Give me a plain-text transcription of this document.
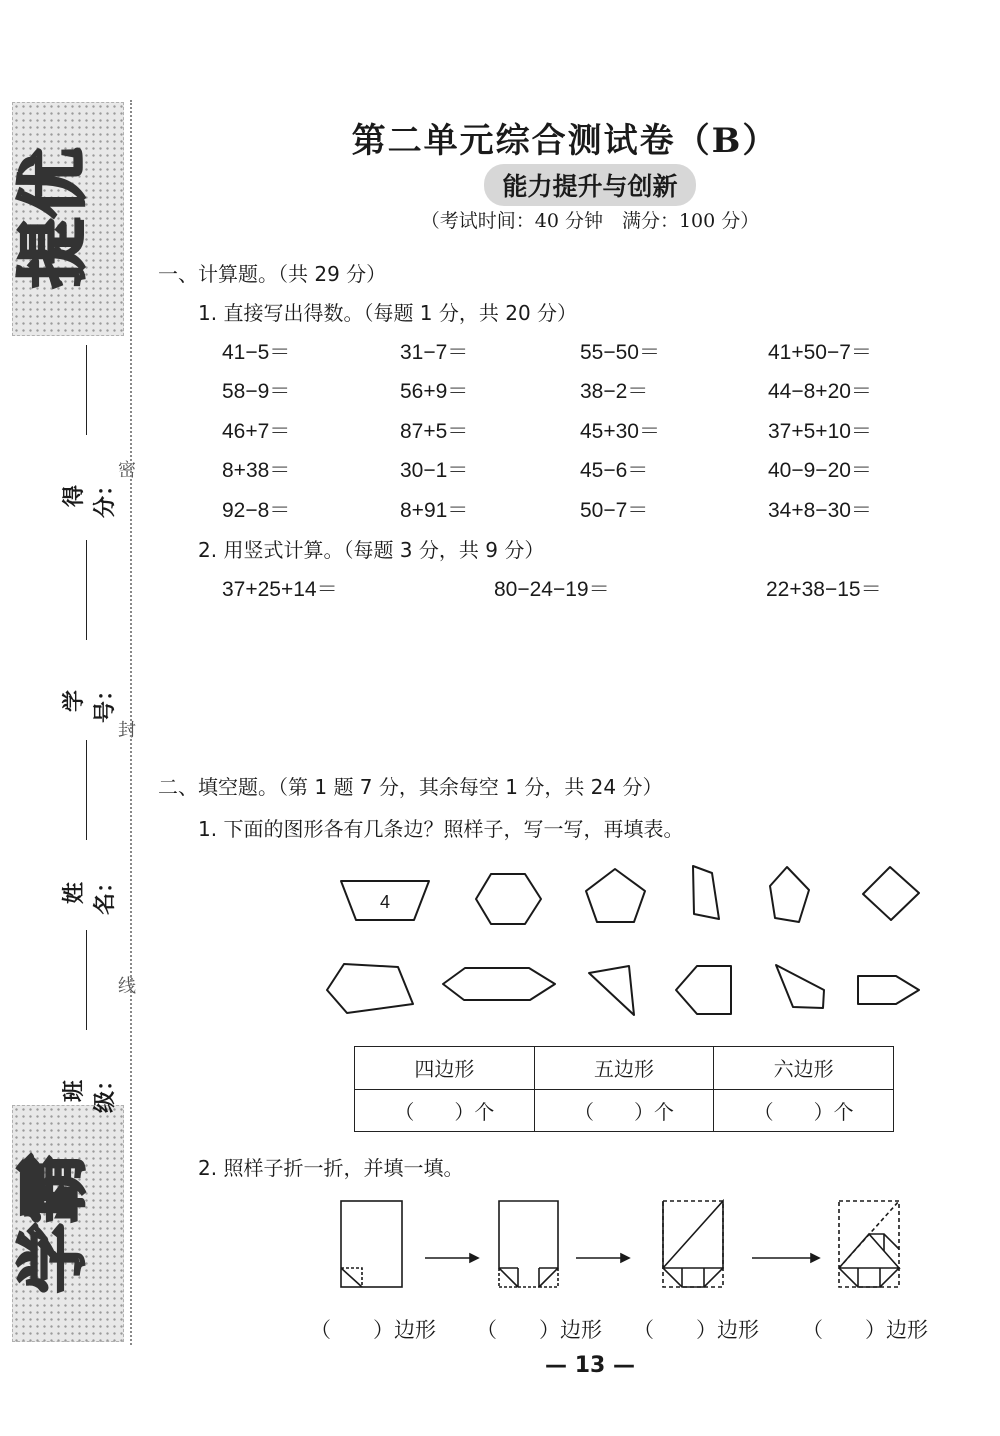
提优
学霸
得分：
学号：
姓名：
班级：
密
封
线
第二单元综合测试卷（B）
能力提升与创新
（考试时间：40 分钟　满分：100 分）
一、计算题。（共 29 分）
1. 直接写出得数。（每题 1 分，共 20 分）
41−5＝	31−7＝	55−50＝	41+50−7＝
58−9＝	56+9＝	38−2＝	44−8+20＝
46+7＝	87+5＝	45+30＝	37+5+10＝
8+38＝	30−1＝	45−6＝	40−9−20＝
92−8＝	8+91＝	50−7＝	34+8−30＝
2. 用竖式计算。（每题 3 分，共 9 分）
37+25+14＝	80−24−19＝	22+38−15＝
二、填空题。（第 1 题 7 分，其余每空 1 分，共 24 分）
1. 下面的图形各有几条边？照样子，写一写，再填表。
4
四边形	五边形	六边形
（　　）个	（　　）个	（　　）个
2. 照样子折一折，并填一填。
（　　）边形 （　　）边形 （　　）边形 （　　）边形
— 13 —
